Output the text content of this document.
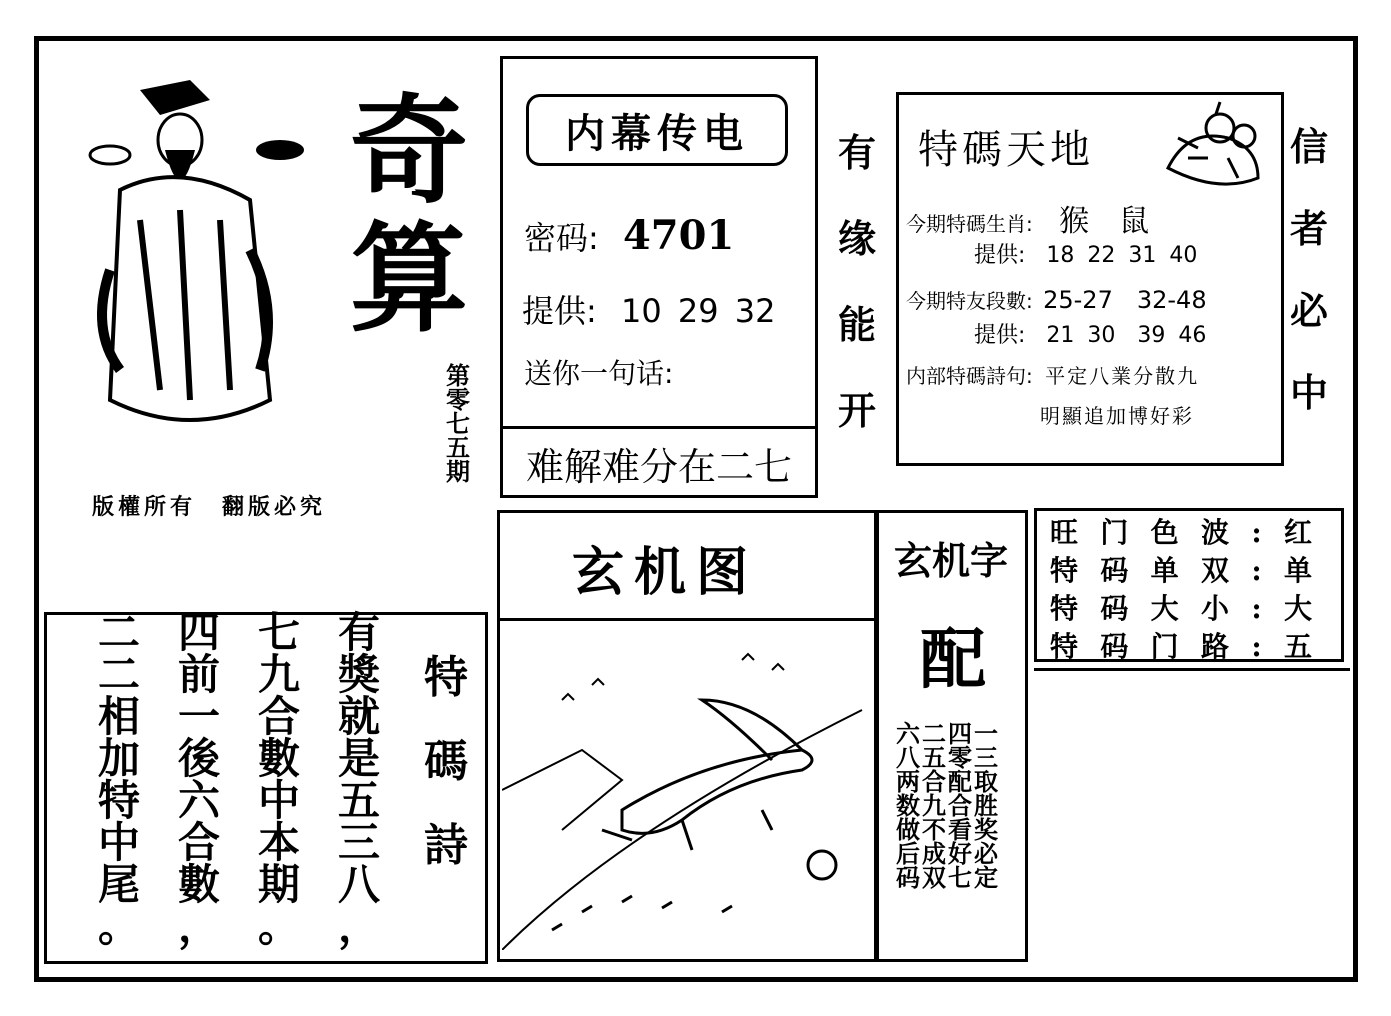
奇
算
第
零
七
五
期
版權所有　翻版必究
内幕传电
密码: 4701
提供: 10 29 32
送你一句话:
难解难分在二七
有
缘
能
开
特碼天地
今期特碼生肖: 猴　鼠
提供: 18 22 31 40
今期特友段數: 25-27　32-48
提供: 21 30　39 46
内部特碼詩句: 平定八業分散九
明顯追加博好彩
信
者
必
中
玄机图	玄机字
配
一
三
取
胜
奖
必
定
四
零
配
合
看
好
七
二
五
合
九
不
成
双
六
八
两
数
做
后
码
旺 门 色 波 : 红
特 码 单 双 : 单
特 码 大 小 : 大
特 码 门 路 : 五
特
碼
詩
有
獎
就
是
五
三
八
，
七
九
合
數
中
本
期
。
四
前
一
後
六
合
數
，
二
二
相
加
特
中
尾
。
